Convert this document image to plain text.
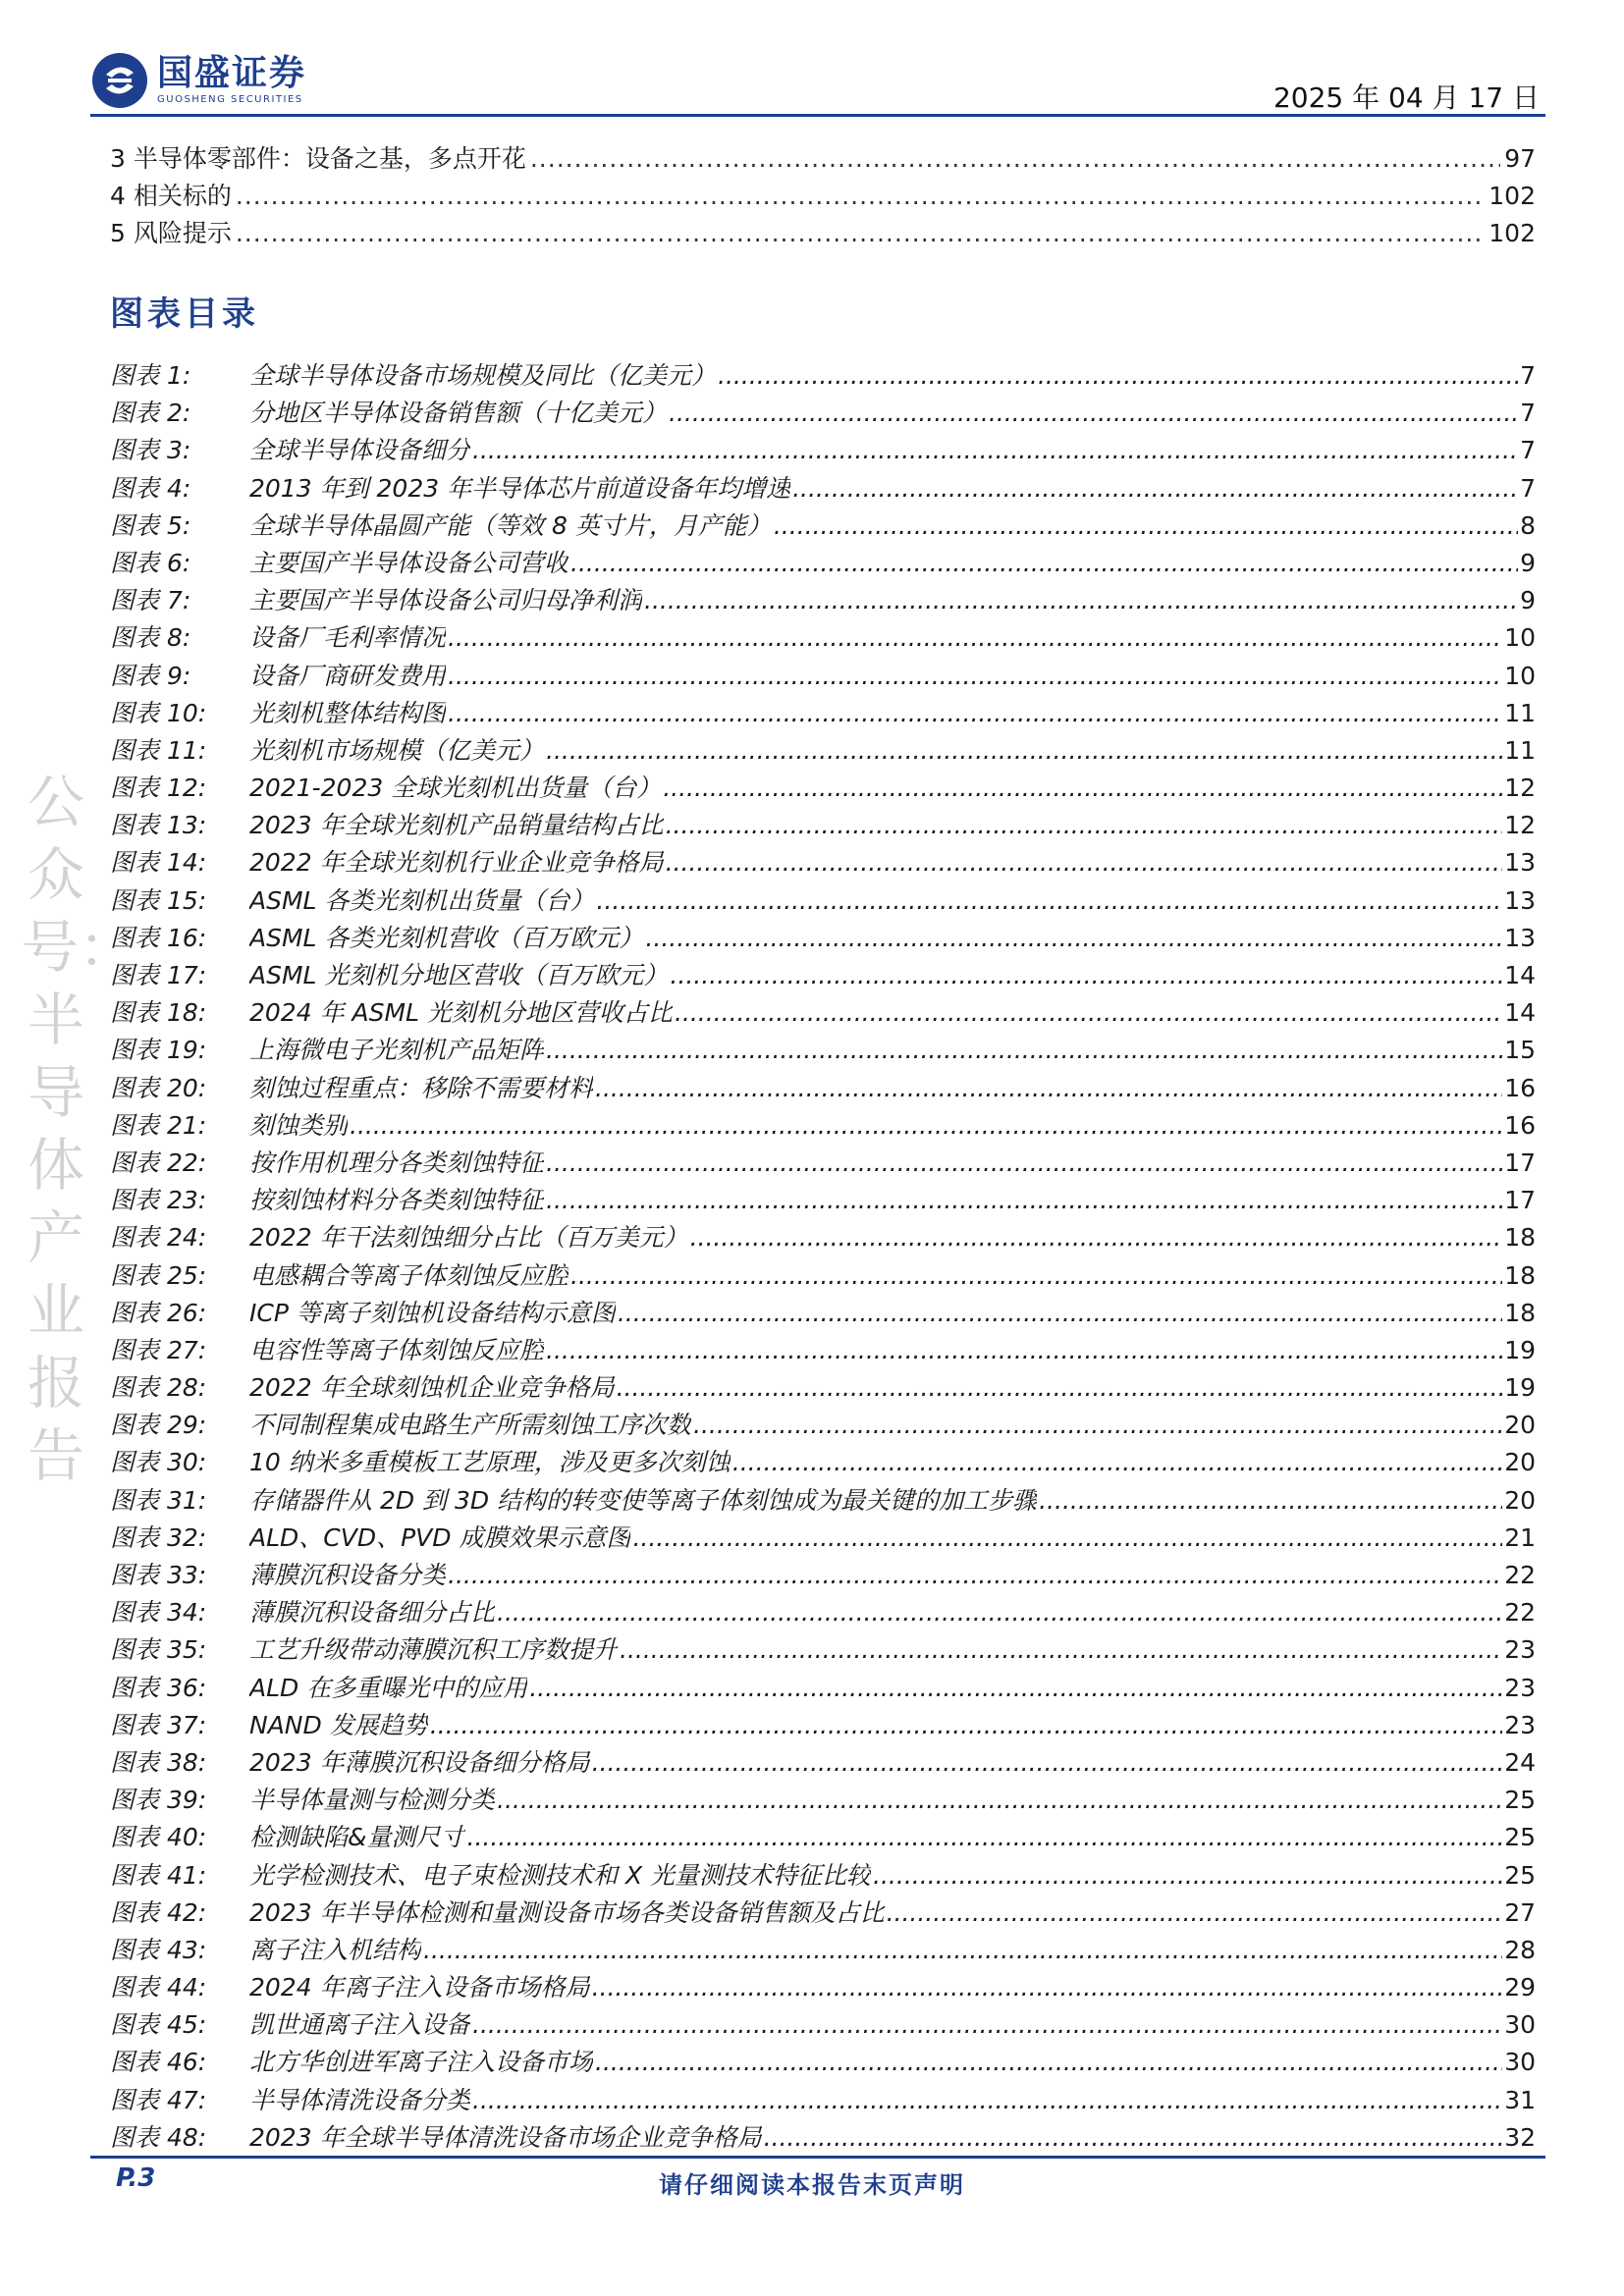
国盛证券
GUOSHENG SECURITIES	2025 年 04 月 17 日
3 半导体零部件：设备之基，多点开花 .....	97
4 相关标的 .....	102
5 风险提示 .....	102
图表目录
图表 1:	全球半导体设备市场规模及同比（亿美元） .....	7
图表 2:	分地区半导体设备销售额（十亿美元） .....	7
图表 3:	全球半导体设备细分 .....	7
图表 4:	2013 年到 2023 年半导体芯片前道设备年均增速 .....	7
图表 5:	全球半导体晶圆产能（等效 8 英寸片，月产能） .....	8
图表 6:	主要国产半导体设备公司营收 .....	9
图表 7:	主要国产半导体设备公司归母净利润 .....	9
图表 8:	设备厂毛利率情况 .....	10
图表 9:	设备厂商研发费用 .....	10
图表 10:	光刻机整体结构图 .....	11
图表 11:	光刻机市场规模（亿美元） .....	11
图表 12:	2021-2023 全球光刻机出货量（台） .....	12
图表 13:	2023 年全球光刻机产品销量结构占比 .....	12
图表 14:	2022 年全球光刻机行业企业竞争格局 .....	13
图表 15:	ASML 各类光刻机出货量（台） .....	13
图表 16:	ASML 各类光刻机营收（百万欧元） .....	13
图表 17:	ASML 光刻机分地区营收（百万欧元） .....	14
图表 18:	2024 年 ASML 光刻机分地区营收占比 .....	14
图表 19:	上海微电子光刻机产品矩阵 .....	15
图表 20:	刻蚀过程重点：移除不需要材料 .....	16
图表 21:	刻蚀类别 .....	16
图表 22:	按作用机理分各类刻蚀特征 .....	17
图表 23:	按刻蚀材料分各类刻蚀特征 .....	17
图表 24:	2022 年干法刻蚀细分占比（百万美元） .....	18
图表 25:	电感耦合等离子体刻蚀反应腔 .....	18
图表 26:	ICP 等离子刻蚀机设备结构示意图 .....	18
图表 27:	电容性等离子体刻蚀反应腔 .....	19
图表 28:	2022 年全球刻蚀机企业竞争格局 .....	19
图表 29:	不同制程集成电路生产所需刻蚀工序次数 .....	20
图表 30:	10 纳米多重模板工艺原理，涉及更多次刻蚀 .....	20
图表 31:	存储器件从 2D 到 3D 结构的转变使等离子体刻蚀成为最关键的加工步骤 .....	20
图表 32:	ALD、CVD、PVD 成膜效果示意图 .....	21
图表 33:	薄膜沉积设备分类 .....	22
图表 34:	薄膜沉积设备细分占比 .....	22
图表 35:	工艺升级带动薄膜沉积工序数提升 .....	23
图表 36:	ALD 在多重曝光中的应用 .....	23
图表 37:	NAND 发展趋势 .....	23
图表 38:	2023 年薄膜沉积设备细分格局 .....	24
图表 39:	半导体量测与检测分类 .....	25
图表 40:	检测缺陷&量测尺寸 .....	25
图表 41:	光学检测技术、电子束检测技术和 X 光量测技术特征比较 .....	25
图表 42:	2023 年半导体检测和量测设备市场各类设备销售额及占比 .....	27
图表 43:	离子注入机结构 .....	28
图表 44:	2024 年离子注入设备市场格局 .....	29
图表 45:	凯世通离子注入设备 .....	30
图表 46:	北方华创进军离子注入设备市场 .....	30
图表 47:	半导体清洗设备分类 .....	31
图表 48:	2023 年全球半导体清洗设备市场企业竞争格局 .....	32
公众号：半导体产业报告
P.3	请仔细阅读本报告末页声明
